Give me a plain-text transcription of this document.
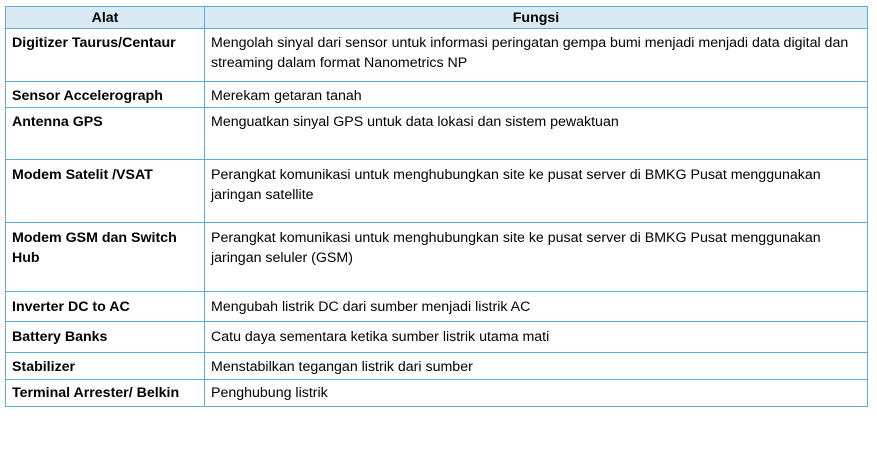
Alat	Fungsi
Digitizer Taurus/Centaur	Mengolah sinyal dari sensor untuk informasi peringatan gempa bumi menjadi menjadi data digital dan streaming dalam format Nanometrics NP
Sensor Accelerograph	Merekam getaran tanah
Antenna GPS	Menguatkan sinyal GPS untuk data lokasi dan sistem pewaktuan
Modem Satelit /VSAT	Perangkat komunikasi untuk menghubungkan site ke pusat server di BMKG Pusat menggunakan jaringan satellite
Modem GSM dan Switch Hub	Perangkat komunikasi untuk menghubungkan site ke pusat server di BMKG Pusat menggunakan jaringan seluler (GSM)
Inverter DC to AC	Mengubah listrik DC dari sumber menjadi listrik AC
Battery Banks	Catu daya sementara ketika sumber listrik utama mati
Stabilizer	Menstabilkan tegangan listrik dari sumber
Terminal Arrester/ Belkin	Penghubung listrik
